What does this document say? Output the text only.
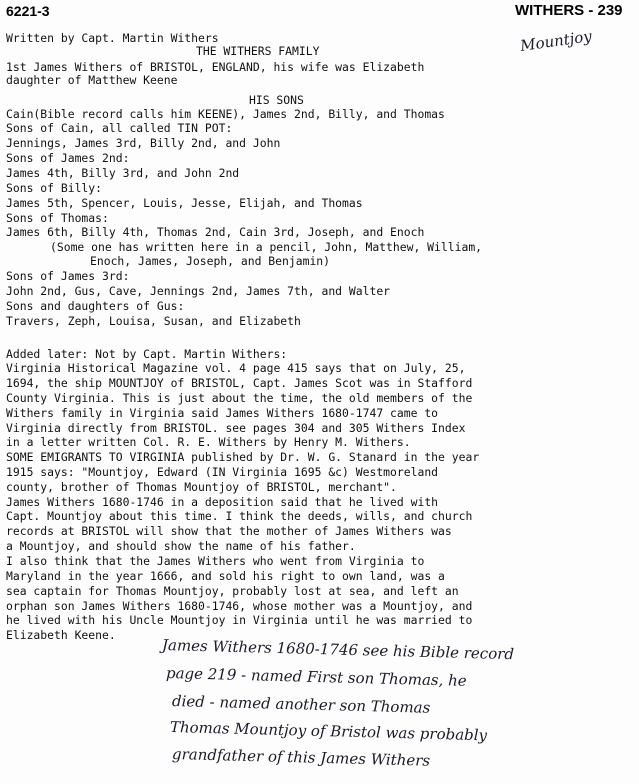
6221-3	WITHERS - 239
Mountjoy
Written by Capt. Martin Withers
THE WITHERS FAMILY
1st James Withers of BRISTOL, ENGLAND, his wife was Elizabeth
daughter of Matthew Keene
HIS SONS
Cain(Bible record calls him KEENE), James 2nd, Billy, and Thomas
Sons of Cain, all called TIN POT:
Jennings, James 3rd, Billy 2nd, and John
Sons of James 2nd:
James 4th, Billy 3rd, and John 2nd
Sons of Billy:
James 5th, Spencer, Louis, Jesse, Elijah, and Thomas
Sons of Thomas:
James 6th, Billy 4th, Thomas 2nd, Cain 3rd, Joseph, and Enoch
(Some one has written here in a pencil, John, Matthew, William,
Enoch, James, Joseph, and Benjamin)
Sons of James 3rd:
John 2nd, Gus, Cave, Jennings 2nd, James 7th, and Walter
Sons and daughters of Gus:
Travers, Zeph, Louisa, Susan, and Elizabeth
Added later: Not by Capt. Martin Withers:
Virginia Historical Magazine vol. 4 page 415 says that on July, 25,
1694, the ship MOUNTJOY of BRISTOL, Capt. James Scot was in Stafford
County Virginia. This is just about the time, the old members of the
Withers family in Virginia said James Withers 1680-1747 came to
Virginia directly from BRISTOL. see pages 304 and 305 Withers Index
in a letter written Col. R. E. Withers by Henry M. Withers.
SOME EMIGRANTS TO VIRGINIA published by Dr. W. G. Stanard in the year
1915 says: "Mountjoy, Edward (IN Virginia 1695 &c) Westmoreland
county, brother of Thomas Mountjoy of BRISTOL, merchant".
James Withers 1680-1746 in a deposition said that he lived with
Capt. Mountjoy about this time. I think the deeds, wills, and church
records at BRISTOL will show that the mother of James Withers was
a Mountjoy, and should show the name of his father.
I also think that the James Withers who went from Virginia to
Maryland in the year 1666, and sold his right to own land, was a
sea captain for Thomas Mountjoy, probably lost at sea, and left an
orphan son James Withers 1680-1746, whose mother was a Mountjoy, and
he lived with his Uncle Mountjoy in Virginia until he was married to
Elizabeth Keene.
James Withers 1680-1746 see his Bible record
page 219 - named First son Thomas, he
died - named another son Thomas
Thomas Mountjoy of Bristol was probably
grandfather of this James Withers
